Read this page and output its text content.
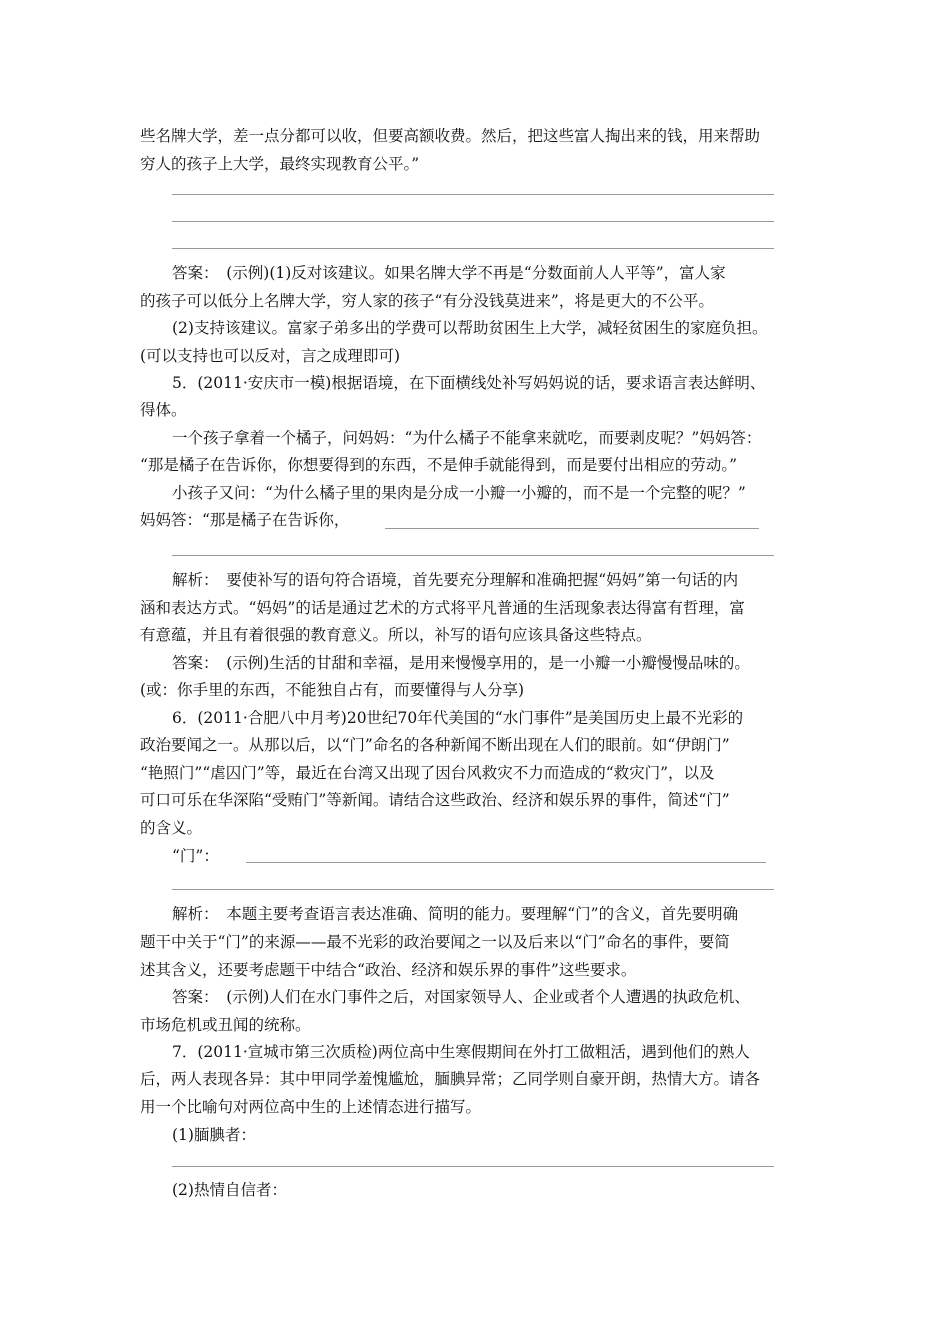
些名牌大学，差一点分都可以收，但要高额收费。然后，把这些富人掏出来的钱，用来帮助
穷人的孩子上大学，最终实现教育公平。”
答案：　(示例)(1)反对该建议。如果名牌大学不再是“分数面前人人平等”，富人家
的孩子可以低分上名牌大学，穷人家的孩子“有分没钱莫进来”，将是更大的不公平。
(2)支持该建议。富家子弟多出的学费可以帮助贫困生上大学，减轻贫困生的家庭负担。
(可以支持也可以反对，言之成理即可)
5．(2011·安庆市一模)根据语境，在下面横线处补写妈妈说的话，要求语言表达鲜明、
得体。
一个孩子拿着一个橘子，问妈妈：“为什么橘子不能拿来就吃，而要剥皮呢？”妈妈答：
“那是橘子在告诉你，你想要得到的东西，不是伸手就能得到，而是要付出相应的劳动。”
小孩子又问：“为什么橘子里的果肉是分成一小瓣一小瓣的，而不是一个完整的呢？”
妈妈答：“那是橘子在告诉你，
解析：　要使补写的语句符合语境，首先要充分理解和准确把握“妈妈”第一句话的内
涵和表达方式。“妈妈”的话是通过艺术的方式将平凡普通的生活现象表达得富有哲理，富
有意蕴，并且有着很强的教育意义。所以，补写的语句应该具备这些特点。
答案：　(示例)生活的甘甜和幸福，是用来慢慢享用的，是一小瓣一小瓣慢慢品味的。
(或：你手里的东西，不能独自占有，而要懂得与人分享)
6．(2011·合肥八中月考)20世纪70年代美国的“水门事件”是美国历史上最不光彩的
政治要闻之一。从那以后，以“门”命名的各种新闻不断出现在人们的眼前。如“伊朗门”
“艳照门”“虐囚门”等，最近在台湾又出现了因台风救灾不力而造成的“救灾门”，以及
可口可乐在华深陷“受贿门”等新闻。请结合这些政治、经济和娱乐界的事件，简述“门”
的含义。
“门”：
解析：　本题主要考查语言表达准确、简明的能力。要理解“门”的含义，首先要明确
题干中关于“门”的来源——最不光彩的政治要闻之一以及后来以“门”命名的事件，要简
述其含义，还要考虑题干中结合“政治、经济和娱乐界的事件”这些要求。
答案：　(示例)人们在水门事件之后，对国家领导人、企业或者个人遭遇的执政危机、
市场危机或丑闻的统称。
7．(2011·宣城市第三次质检)两位高中生寒假期间在外打工做粗活，遇到他们的熟人
后，两人表现各异：其中甲同学羞愧尴尬，腼腆异常；乙同学则自豪开朗，热情大方。请各
用一个比喻句对两位高中生的上述情态进行描写。
(1)腼腆者：
(2)热情自信者：
